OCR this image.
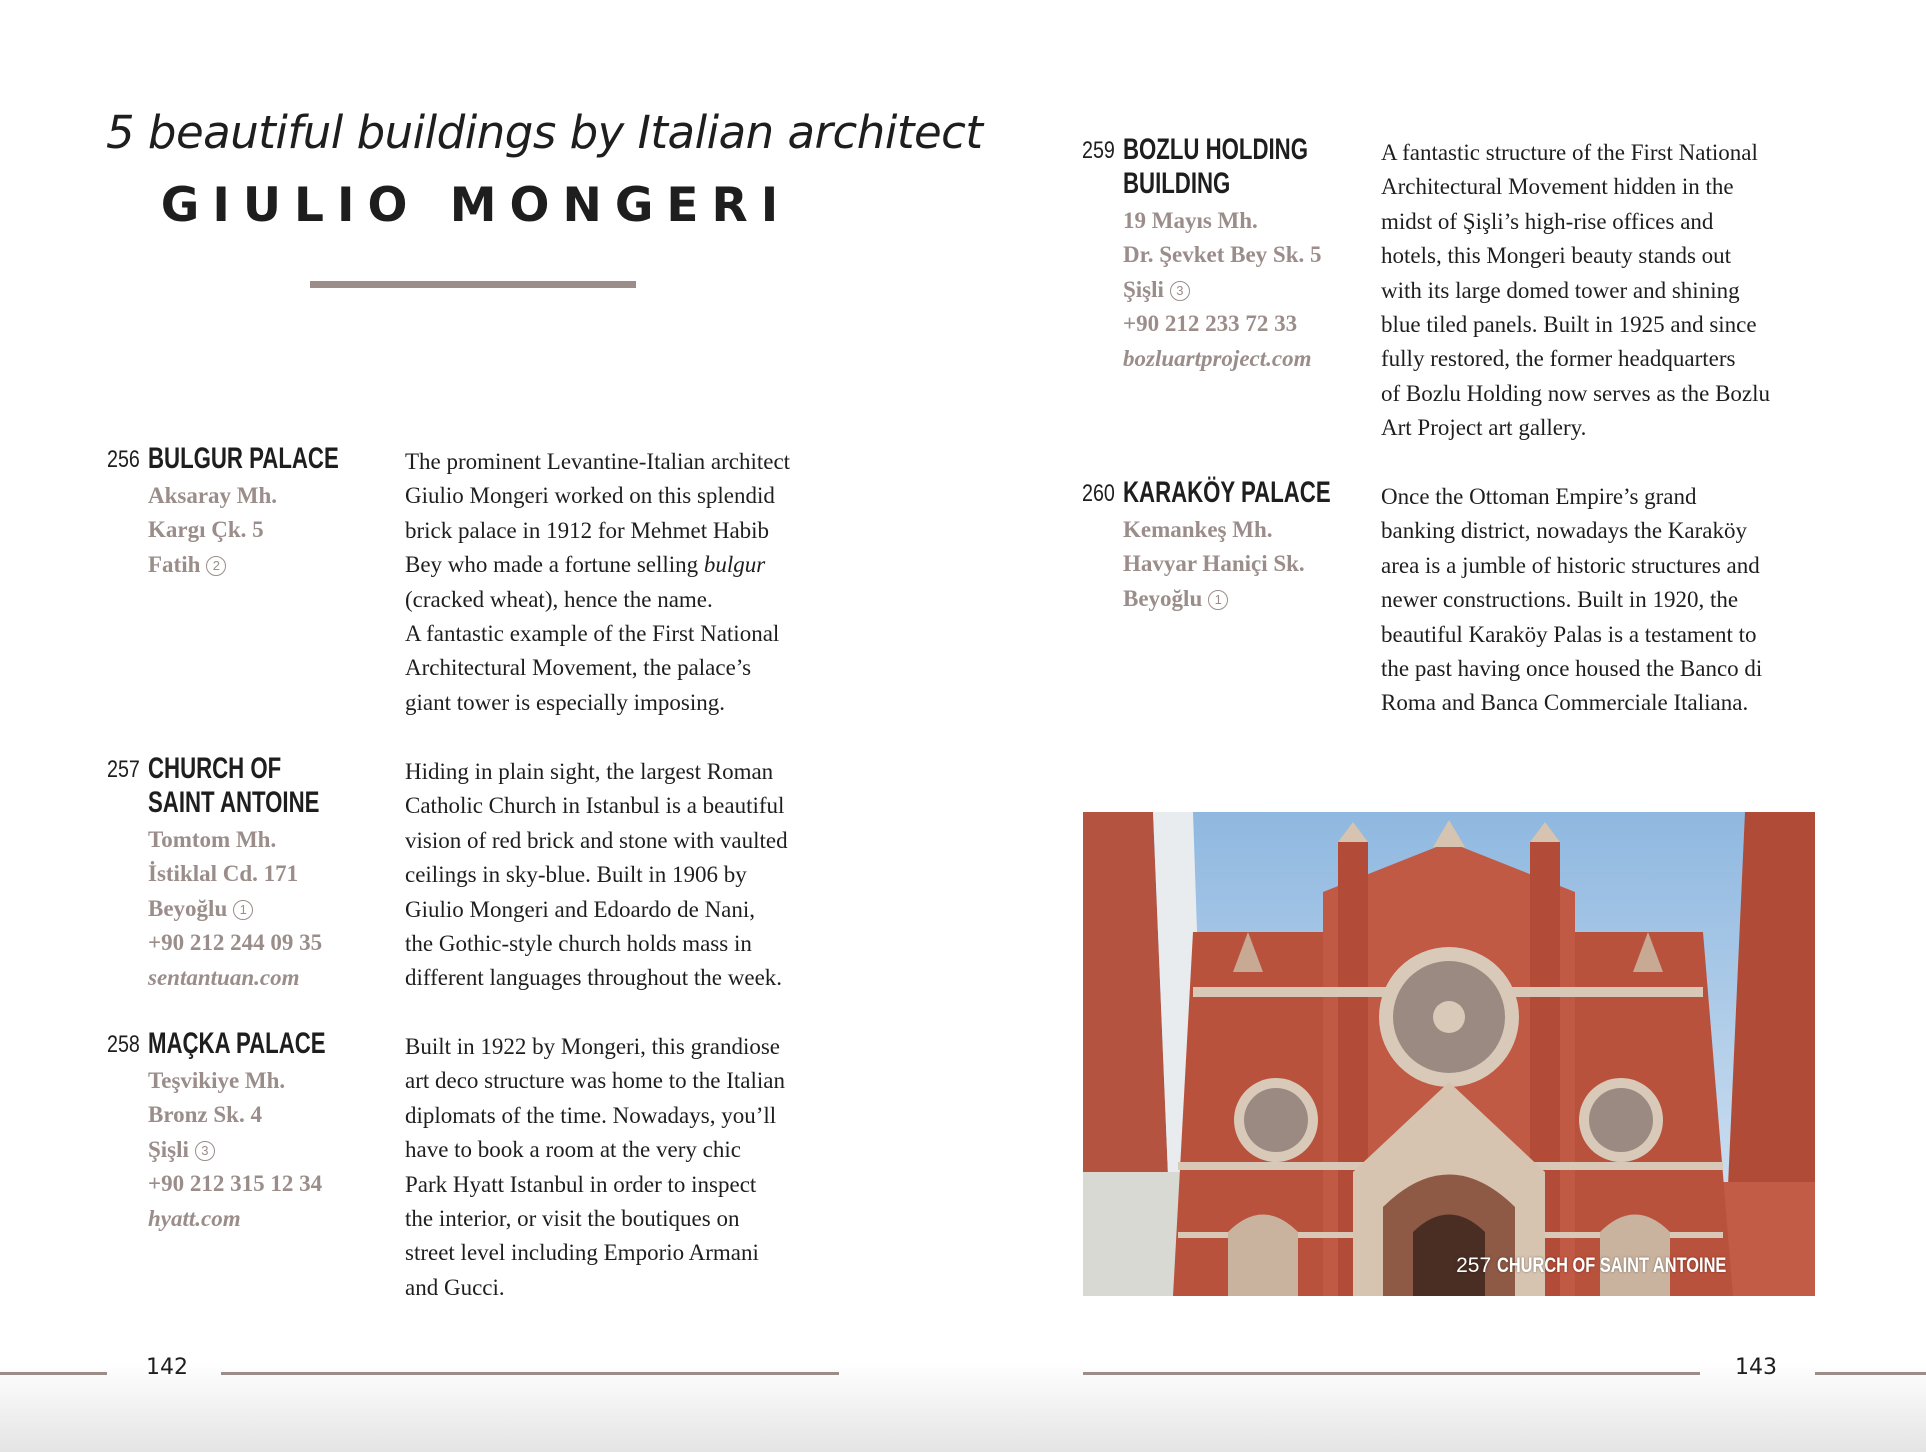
5 beautiful buildings by Italian architect
GIULIO MONGERI
256 BULGUR PALACE
Aksaray Mh.
Kargı Çk. 5
Fatih 2
The prominent Levantine-Italian architect
Giulio Mongeri worked on this splendid
brick palace in 1912 for Mehmet Habib
Bey who made a fortune selling bulgur
(cracked wheat), hence the name.
A fantastic example of the First National
Architectural Movement, the palace’s
giant tower is especially imposing.
257 CHURCH OF
SAINT ANTOINE
Tomtom Mh.
İstiklal Cd. 171
Beyoğlu 1
+90 212 244 09 35
sentantuan.com
Hiding in plain sight, the largest Roman
Catholic Church in Istanbul is a beautiful
vision of red brick and stone with vaulted
ceilings in sky-blue. Built in 1906 by
Giulio Mongeri and Edoardo de Nani,
the Gothic-style church holds mass in
different languages throughout the week.
258 MAÇKA PALACE
Teşvikiye Mh.
Bronz Sk. 4
Şişli 3
+90 212 315 12 34
hyatt.com
Built in 1922 by Mongeri, this grandiose
art deco structure was home to the Italian
diplomats of the time. Nowadays, you’ll
have to book a room at the very chic
Park Hyatt Istanbul in order to inspect
the interior, or visit the boutiques on
street level including Emporio Armani
and Gucci.
259 BOZLU HOLDING
BUILDING
19 Mayıs Mh.
Dr. Şevket Bey Sk. 5
Şişli 3
+90 212 233 72 33
bozluartproject.com
A fantastic structure of the First National
Architectural Movement hidden in the
midst of Şişli’s high-rise offices and
hotels, this Mongeri beauty stands out
with its large domed tower and shining
blue tiled panels. Built in 1925 and since
fully restored, the former headquarters
of Bozlu Holding now serves as the Bozlu
Art Project art gallery.
260 KARAKÖY PALACE
Kemankeş Mh.
Havyar Haniçi Sk.
Beyoğlu 1
Once the Ottoman Empire’s grand
banking district, nowadays the Karaköy
area is a jumble of historic structures and
newer constructions. Built in 1920, the
beautiful Karaköy Palas is a testament to
the past having once housed the Banco di
Roma and Banca Commerciale Italiana.
257 CHURCH OF SAINT ANTOINE
142	143
